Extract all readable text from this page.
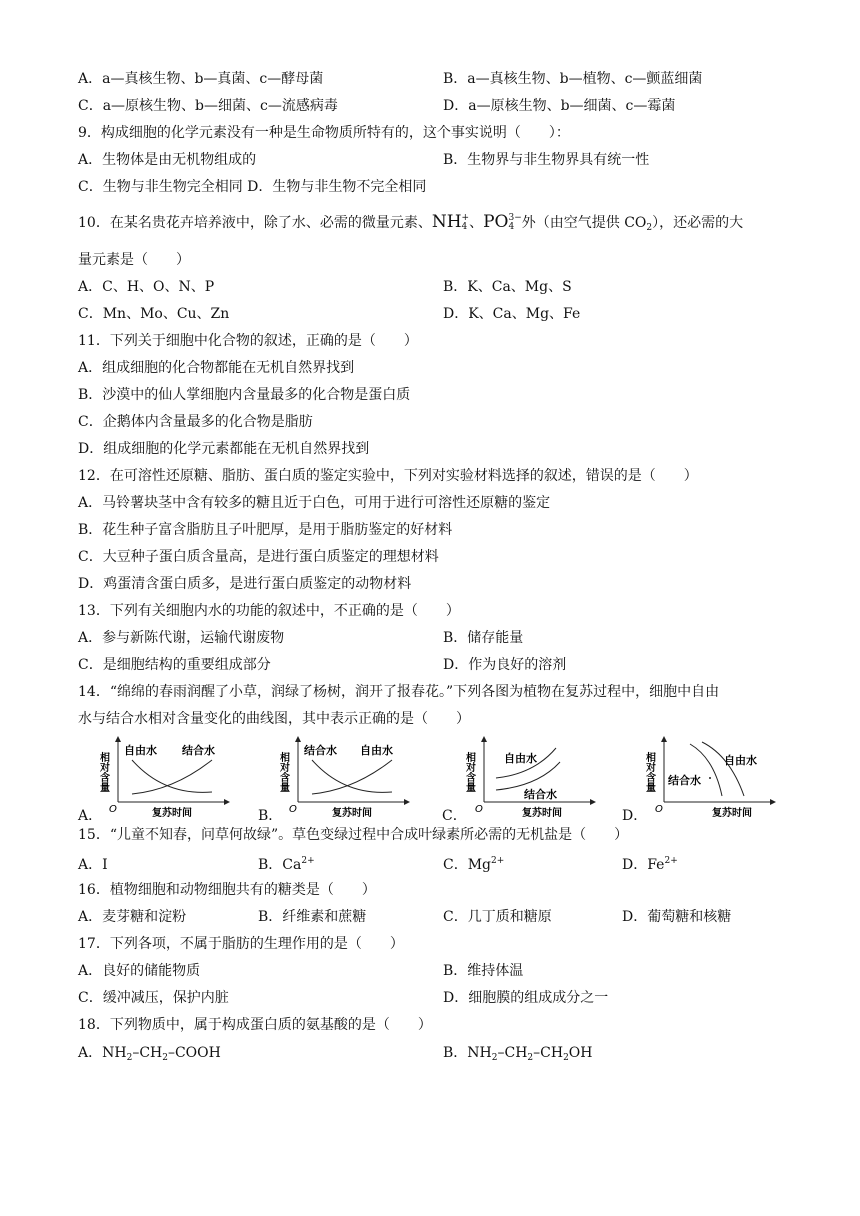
A．a—真核生物、b—真菌、c—酵母菌	B．a—真核生物、b—植物、c—颤蓝细菌
C．a—原核生物、b—细菌、c—流感病毒	D．a—原核生物、b—细菌、c—霉菌
9．构成细胞的化学元素没有一种是生命物质所特有的，这个事实说明（　　）：
A．生物体是由无机物组成的	B．生物界与非生物界具有统一性
C．生物与非生物完全相同 D．生物与非生物不完全相同
10．在某名贵花卉培养液中，除了水、必需的微量元素、NH +
4 、PO 3−
4 外（由空气提供 $CO_2$），还必需的大
量元素是（　　）
A．C、H、O、N、P	B．K、Ca、Mg、S
C．Mn、Mo、Cu、Zn	D．K、Ca、Mg、Fe
11．下列关于细胞中化合物的叙述，正确的是（　　）
A．组成细胞的化合物都能在无机自然界找到
B．沙漠中的仙人掌细胞内含量最多的化合物是蛋白质
C．企鹅体内含量最多的化合物是脂肪
D．组成细胞的化学元素都能在无机自然界找到
12．在可溶性还原糖、脂肪、蛋白质的鉴定实验中，下列对实验材料选择的叙述，错误的是（　　）
A．马铃薯块茎中含有较多的糖且近于白色，可用于进行可溶性还原糖的鉴定
B．花生种子富含脂肪且子叶肥厚，是用于脂肪鉴定的好材料
C．大豆种子蛋白质含量高，是进行蛋白质鉴定的理想材料
D．鸡蛋清含蛋白质多，是进行蛋白质鉴定的动物材料
13．下列有关细胞内水的功能的叙述中，不正确的是（　　）
A．参与新陈代谢，运输代谢废物	B．储存能量
C．是细胞结构的重要组成部分	D．作为良好的溶剂
14．“绵绵的春雨润醒了小草，润绿了杨树，润开了报春花。”下列各图为植物在复苏过程中，细胞中自由
水与结合水相对含量变化的曲线图，其中表示正确的是（　　）
A．
相对含量
O	复苏时间
自由水 结合水
B．
相对含量
O	复苏时间
结合水 自由水
C．
相对含量
O	复苏时间
自由水
结合水
D．
相对含量
O	复苏时间
自由水
结合水
15．“儿童不知春，问草何故绿”。草色变绿过程中合成叶绿素所必需的无机盐是（　　）
A．I	B．$Ca^{2+}$	C．$Mg^{2+}$	D．$Fe^{2+}$
16．植物细胞和动物细胞共有的糖类是（　　）
A．麦芽糖和淀粉	B．纤维素和蔗糖	C．几丁质和糖原	D．葡萄糖和核糖
17．下列各项，不属于脂肪的生理作用的是（　　）
A．良好的储能物质	B．维持体温
C．缓冲减压，保护内脏	D．细胞膜的组成成分之一
18．下列物质中，属于构成蛋白质的氨基酸的是（　　）
A．$NH_2-CH_2$–COOH	B．$NH_2-CH_2-CH_2OH$
